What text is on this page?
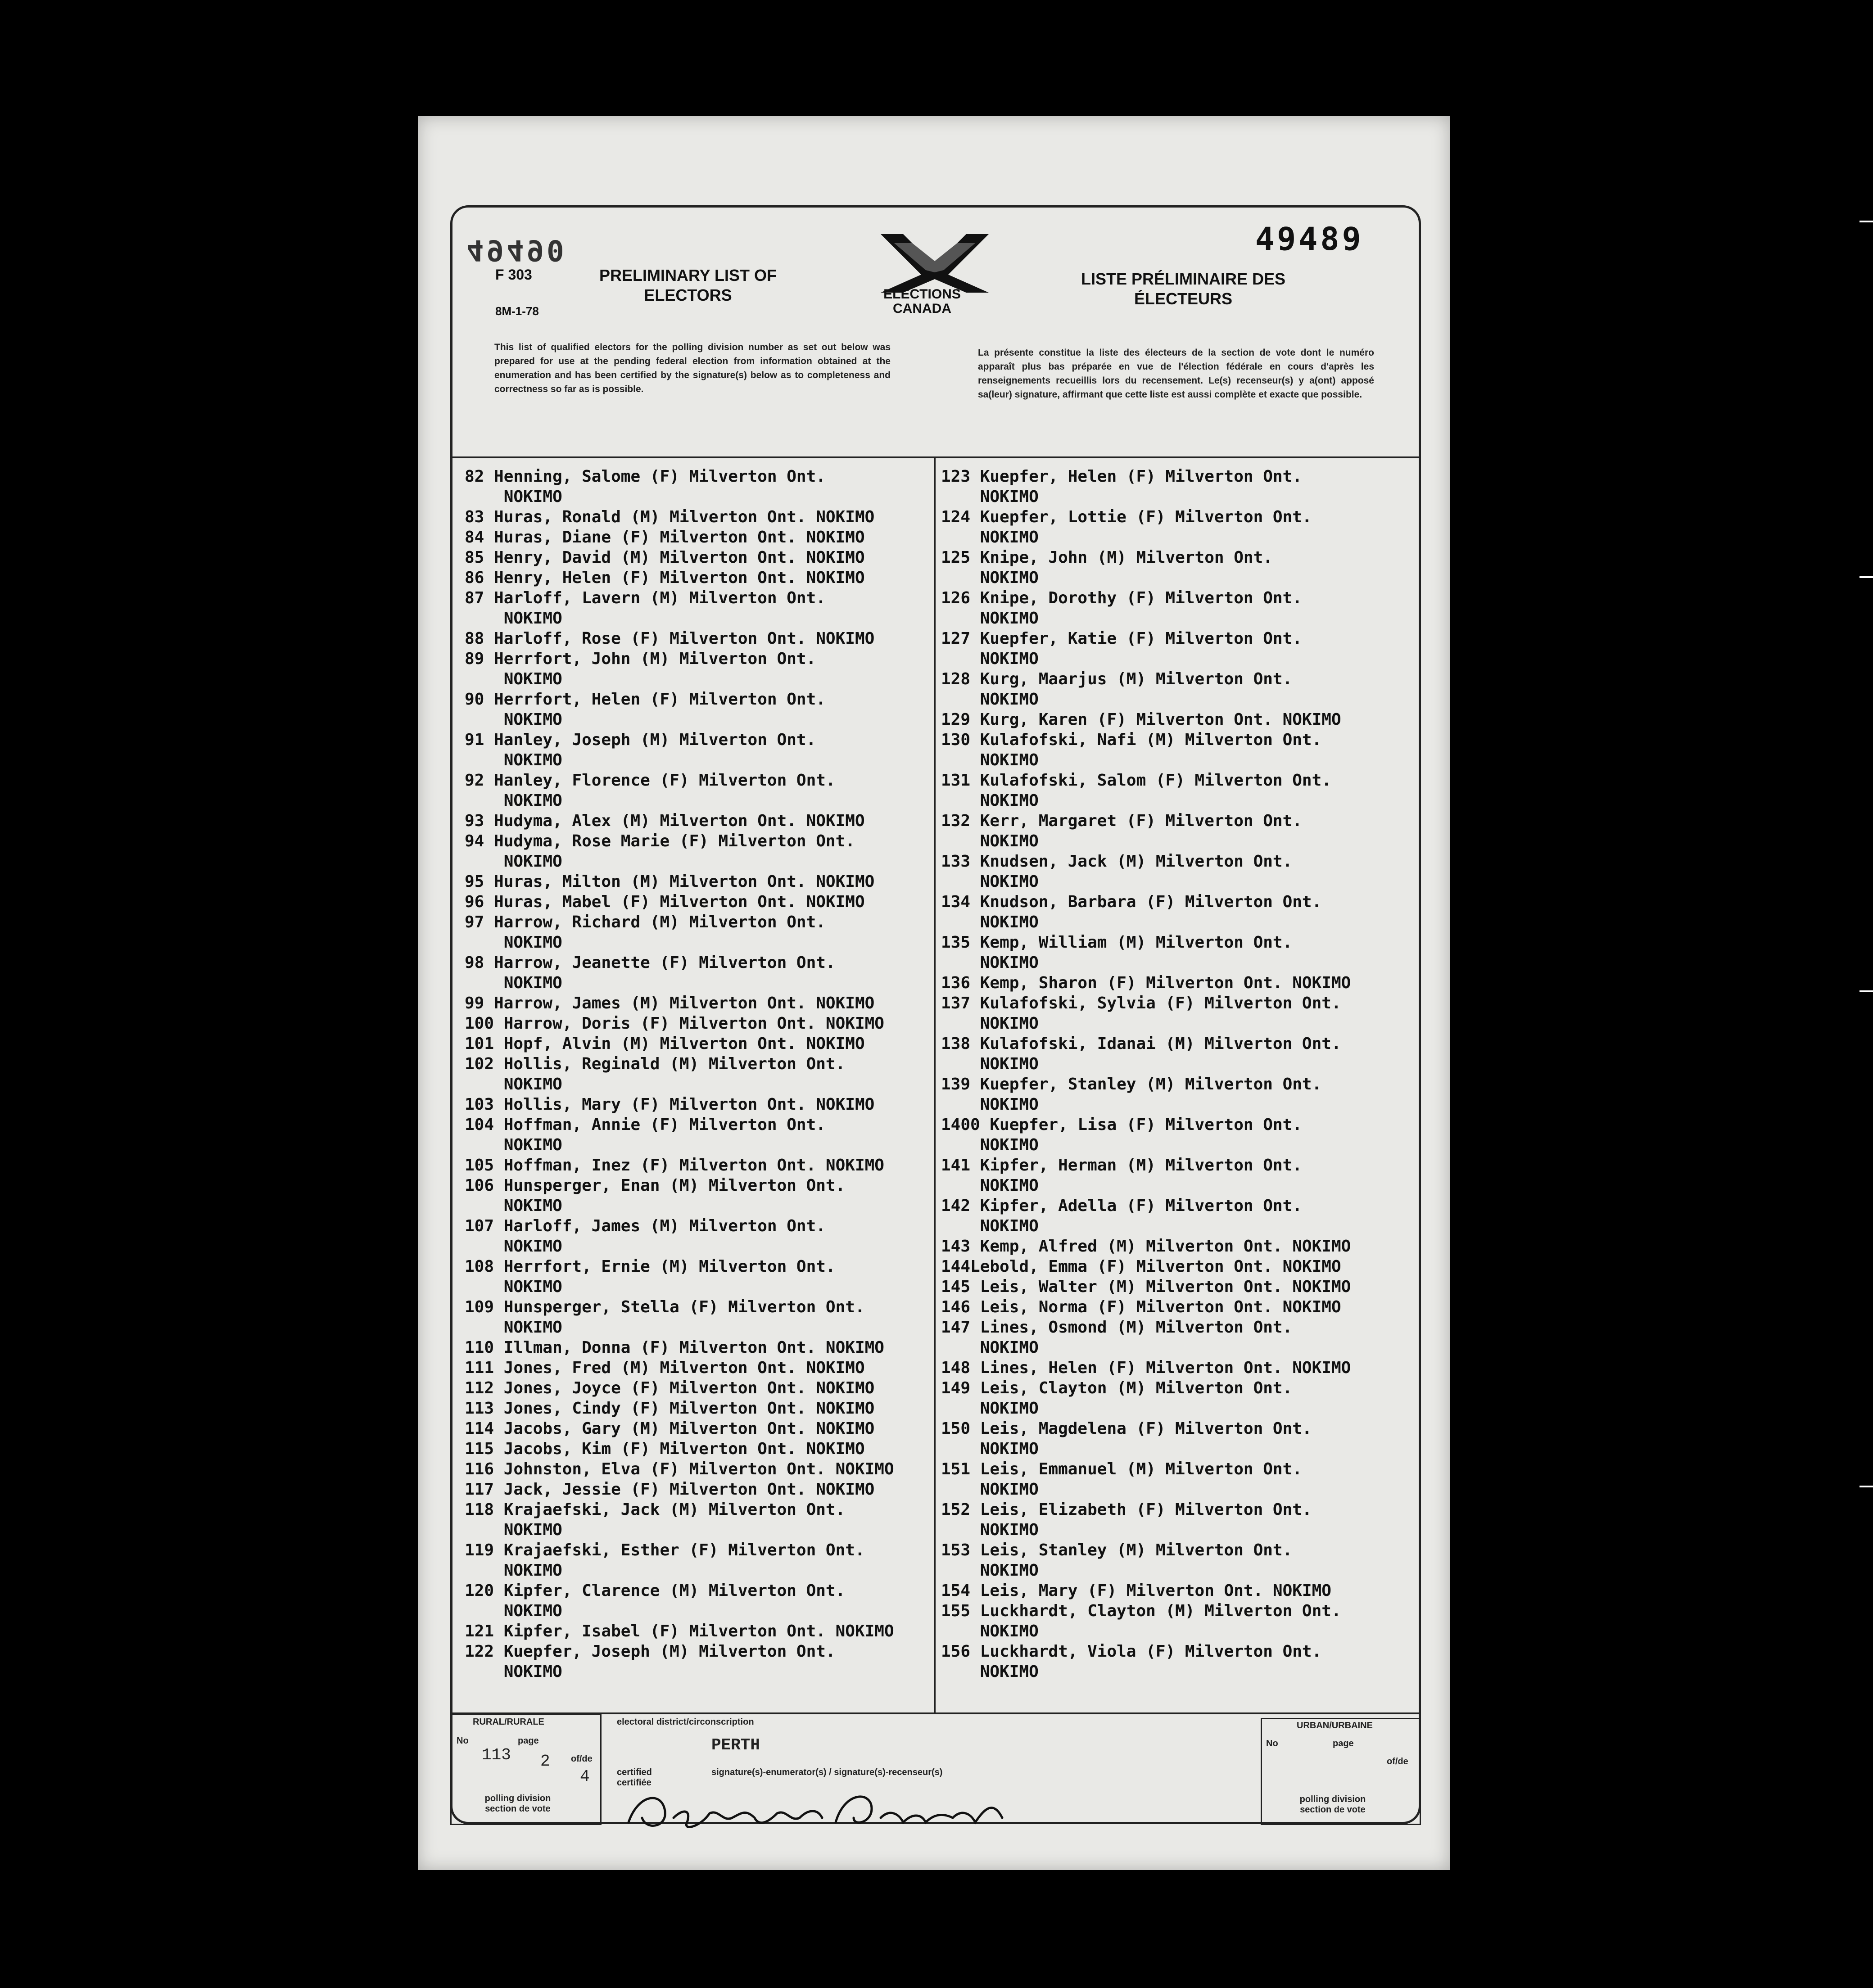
49490	49489
F 303
8M-1-78
PRELIMINARY LIST OF ELECTORS
LISTE PRÉLIMINAIRE DES ÉLECTEURS
ELECTIONS CANADA
This list of qualified electors for the polling division number as set out below was prepared for use at the pending federal election from information obtained at the enumeration and has been certified by the signature(s) below as to completeness and correctness so far as is possible.
La présente constitue la liste des électeurs de la section de vote dont le numéro apparaît plus bas préparée en vue de l'élection fédérale en cours d'après les renseignements recueillis lors du recensement. Le(s) recenseur(s) y a(ont) apposé sa(leur) signature, affirmant que cette liste est aussi complète et exacte que possible.
82 Henning, Salome (F) Milverton Ont.
NOKIMO
83 Huras, Ronald (M) Milverton Ont. NOKIMO
84 Huras, Diane (F) Milverton Ont. NOKIMO
85 Henry, David (M) Milverton Ont. NOKIMO
86 Henry, Helen (F) Milverton Ont. NOKIMO
87 Harloff, Lavern (M) Milverton Ont.
NOKIMO
88 Harloff, Rose (F) Milverton Ont. NOKIMO
89 Herrfort, John (M) Milverton Ont.
NOKIMO
90 Herrfort, Helen (F) Milverton Ont.
NOKIMO
91 Hanley, Joseph (M) Milverton Ont.
NOKIMO
92 Hanley, Florence (F) Milverton Ont.
NOKIMO
93 Hudyma, Alex (M) Milverton Ont. NOKIMO
94 Hudyma, Rose Marie (F) Milverton Ont.
NOKIMO
95 Huras, Milton (M) Milverton Ont. NOKIMO
96 Huras, Mabel (F) Milverton Ont. NOKIMO
97 Harrow, Richard (M) Milverton Ont.
NOKIMO
98 Harrow, Jeanette (F) Milverton Ont.
NOKIMO
99 Harrow, James (M) Milverton Ont. NOKIMO
100 Harrow, Doris (F) Milverton Ont. NOKIMO
101 Hopf, Alvin (M) Milverton Ont. NOKIMO
102 Hollis, Reginald (M) Milverton Ont.
NOKIMO
103 Hollis, Mary (F) Milverton Ont. NOKIMO
104 Hoffman, Annie (F) Milverton Ont.
NOKIMO
105 Hoffman, Inez (F) Milverton Ont. NOKIMO
106 Hunsperger, Enan (M) Milverton Ont.
NOKIMO
107 Harloff, James (M) Milverton Ont.
NOKIMO
108 Herrfort, Ernie (M) Milverton Ont.
NOKIMO
109 Hunsperger, Stella (F) Milverton Ont.
NOKIMO
110 Illman, Donna (F) Milverton Ont. NOKIMO
111 Jones, Fred (M) Milverton Ont. NOKIMO
112 Jones, Joyce (F) Milverton Ont. NOKIMO
113 Jones, Cindy (F) Milverton Ont. NOKIMO
114 Jacobs, Gary (M) Milverton Ont. NOKIMO
115 Jacobs, Kim (F) Milverton Ont. NOKIMO
116 Johnston, Elva (F) Milverton Ont. NOKIMO
117 Jack, Jessie (F) Milverton Ont. NOKIMO
118 Krajaefski, Jack (M) Milverton Ont.
NOKIMO
119 Krajaefski, Esther (F) Milverton Ont.
NOKIMO
120 Kipfer, Clarence (M) Milverton Ont.
NOKIMO
121 Kipfer, Isabel (F) Milverton Ont. NOKIMO
122 Kuepfer, Joseph (M) Milverton Ont.
NOKIMO
123 Kuepfer, Helen (F) Milverton Ont.
NOKIMO
124 Kuepfer, Lottie (F) Milverton Ont.
NOKIMO
125 Knipe, John (M) Milverton Ont.
NOKIMO
126 Knipe, Dorothy (F) Milverton Ont.
NOKIMO
127 Kuepfer, Katie (F) Milverton Ont.
NOKIMO
128 Kurg, Maarjus (M) Milverton Ont.
NOKIMO
129 Kurg, Karen (F) Milverton Ont. NOKIMO
130 Kulafofski, Nafi (M) Milverton Ont.
NOKIMO
131 Kulafofski, Salom (F) Milverton Ont.
NOKIMO
132 Kerr, Margaret (F) Milverton Ont.
NOKIMO
133 Knudsen, Jack (M) Milverton Ont.
NOKIMO
134 Knudson, Barbara (F) Milverton Ont.
NOKIMO
135 Kemp, William (M) Milverton Ont.
NOKIMO
136 Kemp, Sharon (F) Milverton Ont. NOKIMO
137 Kulafofski, Sylvia (F) Milverton Ont.
NOKIMO
138 Kulafofski, Idanai (M) Milverton Ont.
NOKIMO
139 Kuepfer, Stanley (M) Milverton Ont.
NOKIMO
1400 Kuepfer, Lisa (F) Milverton Ont.
NOKIMO
141 Kipfer, Herman (M) Milverton Ont.
NOKIMO
142 Kipfer, Adella (F) Milverton Ont.
NOKIMO
143 Kemp, Alfred (M) Milverton Ont. NOKIMO
144Lebold, Emma (F) Milverton Ont. NOKIMO
145 Leis, Walter (M) Milverton Ont. NOKIMO
146 Leis, Norma (F) Milverton Ont. NOKIMO
147 Lines, Osmond (M) Milverton Ont.
NOKIMO
148 Lines, Helen (F) Milverton Ont. NOKIMO
149 Leis, Clayton (M) Milverton Ont.
NOKIMO
150 Leis, Magdelena (F) Milverton Ont.
NOKIMO
151 Leis, Emmanuel (M) Milverton Ont.
NOKIMO
152 Leis, Elizabeth (F) Milverton Ont.
NOKIMO
153 Leis, Stanley (M) Milverton Ont.
NOKIMO
154 Leis, Mary (F) Milverton Ont. NOKIMO
155 Luckhardt, Clayton (M) Milverton Ont.
NOKIMO
156 Luckhardt, Viola (F) Milverton Ont.
NOKIMO
RURAL/RURALE
No	page
of/de
113 2
4
polling division section de vote
electoral district/circonscription
PERTH
certified certifiée
signature(s)-enumerator(s) / signature(s)-recenseur(s)
URBAN/URBAINE
No	page
of/de
polling division section de vote
